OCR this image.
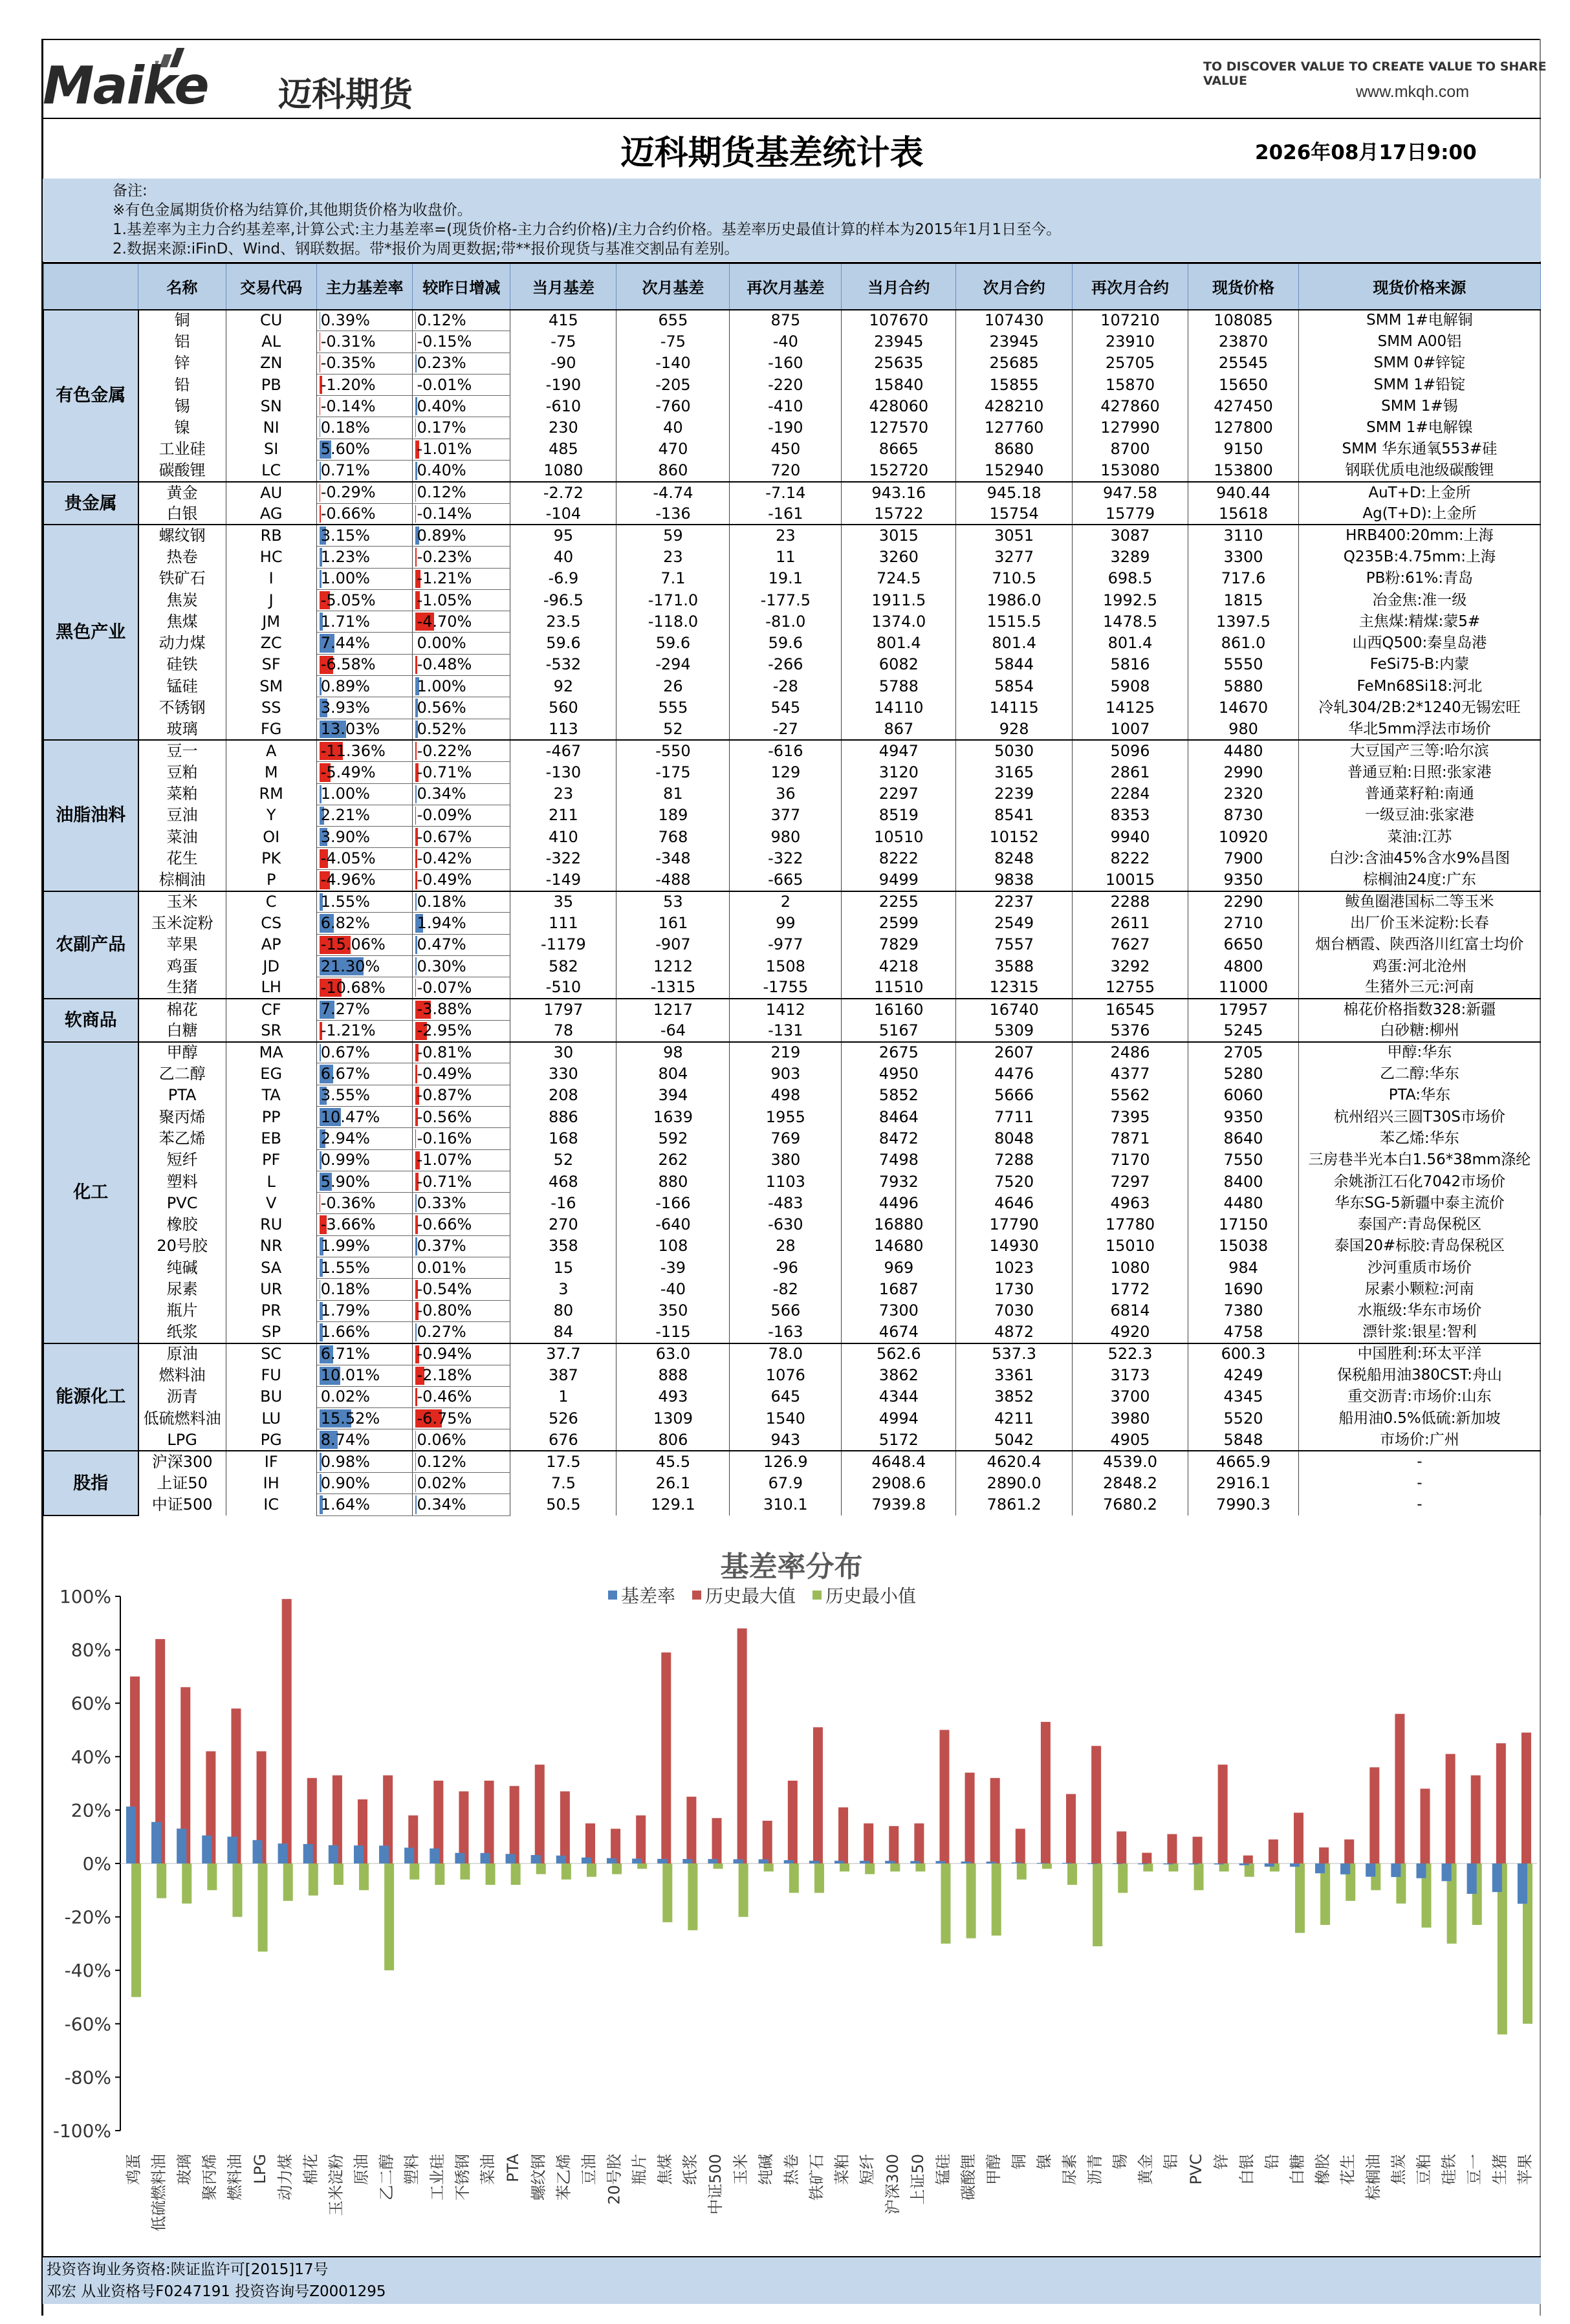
Maike 迈科期货
TO DISCOVER VALUE TO CREATE VALUE TO SHARE VALUE
www.mkqh.com
迈科期货基差统计表	2026年08月17日9:00
备注:
※有色金属期货价格为结算价,其他期货价格为收盘价。
1.基差率为主力合约基差率,计算公式:主力基差率=(现货价格-主力合约价格)/主力合约价格。基差率历史最值计算的样本为2015年1月1日至今。
2.数据来源:iFinD、Wind、钢联数据。带*报价为周更数据;带**报价现货与基准交割品有差别。
	名称	交易代码	主力基差率	较昨日增减	当月基差	次月基差	再次月基差	当月合约	次月合约	再次月合约	现货价格	现货价格来源
有色金属	铜	CU	0.39%	0.12%	415	655	875	107670	107430	107210	108085	SMM 1#电解铜
	铝	AL	-0.31%	-0.15%	-75	-75	-40	23945	23945	23910	23870	SMM A00铝
	锌	ZN	-0.35%	0.23%	-90	-140	-160	25635	25685	25705	25545	SMM 0#锌锭
	铅	PB	-1.20%	-0.01%	-190	-205	-220	15840	15855	15870	15650	SMM 1#铅锭
	锡	SN	-0.14%	0.40%	-610	-760	-410	428060	428210	427860	427450	SMM 1#锡
	镍	NI	0.18%	0.17%	230	40	-190	127570	127760	127990	127800	SMM 1#电解镍
	工业硅	SI	5.60%	-1.01%	485	470	450	8665	8680	8700	9150	SMM 华东通氧553#硅
	碳酸锂	LC	0.71%	0.40%	1080	860	720	152720	152940	153080	153800	钢联优质电池级碳酸锂
贵金属	黄金	AU	-0.29%	0.12%	-2.72	-4.74	-7.14	943.16	945.18	947.58	940.44	AuT+D:上金所
	白银	AG	-0.66%	-0.14%	-104	-136	-161	15722	15754	15779	15618	Ag(T+D):上金所
黑色产业	螺纹钢	RB	3.15%	0.89%	95	59	23	3015	3051	3087	3110	HRB400:20mm:上海
	热卷	HC	1.23%	-0.23%	40	23	11	3260	3277	3289	3300	Q235B:4.75mm:上海
	铁矿石	I	1.00%	-1.21%	-6.9	7.1	19.1	724.5	710.5	698.5	717.6	PB粉:61%:青岛
	焦炭	J	-5.05%	-1.05%	-96.5	-171.0	-177.5	1911.5	1986.0	1992.5	1815	冶金焦:准一级
	焦煤	JM	1.71%	-4.70%	23.5	-118.0	-81.0	1374.0	1515.5	1478.5	1397.5	主焦煤:精煤:蒙5#
	动力煤	ZC	7.44%	0.00%	59.6	59.6	59.6	801.4	801.4	801.4	861.0	山西Q500:秦皇岛港
	硅铁	SF	-6.58%	-0.48%	-532	-294	-266	6082	5844	5816	5550	FeSi75-B:内蒙
	锰硅	SM	0.89%	1.00%	92	26	-28	5788	5854	5908	5880	FeMn68Si18:河北
	不锈钢	SS	3.93%	0.56%	560	555	545	14110	14115	14125	14670	冷轧304/2B:2*1240无锡宏旺
	玻璃	FG	13.03%	0.52%	113	52	-27	867	928	1007	980	华北5mm浮法市场价
油脂油料	豆一	A	-11.36%	-0.22%	-467	-550	-616	4947	5030	5096	4480	大豆国产三等:哈尔滨
	豆粕	M	-5.49%	-0.71%	-130	-175	129	3120	3165	2861	2990	普通豆粕:日照:张家港
	菜粕	RM	1.00%	0.34%	23	81	36	2297	2239	2284	2320	普通菜籽粕:南通
	豆油	Y	2.21%	-0.09%	211	189	377	8519	8541	8353	8730	一级豆油:张家港
	菜油	OI	3.90%	-0.67%	410	768	980	10510	10152	9940	10920	菜油:江苏
	花生	PK	-4.05%	-0.42%	-322	-348	-322	8222	8248	8222	7900	白沙:含油45%含水9%昌图
	棕榈油	P	-4.96%	-0.49%	-149	-488	-665	9499	9838	10015	9350	棕榈油24度:广东
农副产品	玉米	C	1.55%	0.18%	35	53	2	2255	2237	2288	2290	鲅鱼圈港国标二等玉米
	玉米淀粉	CS	6.82%	1.94%	111	161	99	2599	2549	2611	2710	出厂价玉米淀粉:长春
	苹果	AP	-15.06%	0.47%	-1179	-907	-977	7829	7557	7627	6650	烟台栖霞、陕西洛川红富士均价
	鸡蛋	JD	21.30%	0.30%	582	1212	1508	4218	3588	3292	4800	鸡蛋:河北沧州
	生猪	LH	-10.68%	-0.07%	-510	-1315	-1755	11510	12315	12755	11000	生猪外三元:河南
软商品	棉花	CF	7.27%	-3.88%	1797	1217	1412	16160	16740	16545	17957	棉花价格指数328:新疆
	白糖	SR	-1.21%	-2.95%	78	-64	-131	5167	5309	5376	5245	白砂糖:柳州
化工	甲醇	MA	0.67%	-0.81%	30	98	219	2675	2607	2486	2705	甲醇:华东
	乙二醇	EG	6.67%	-0.49%	330	804	903	4950	4476	4377	5280	乙二醇:华东
	PTA	TA	3.55%	-0.87%	208	394	498	5852	5666	5562	6060	PTA:华东
	聚丙烯	PP	10.47%	-0.56%	886	1639	1955	8464	7711	7395	9350	杭州绍兴三圆T30S市场价
	苯乙烯	EB	2.94%	-0.16%	168	592	769	8472	8048	7871	8640	苯乙烯:华东
	短纤	PF	0.99%	-1.07%	52	262	380	7498	7288	7170	7550	三房巷半光本白1.56*38mm涤纶
	塑料	L	5.90%	-0.71%	468	880	1103	7932	7520	7297	8400	余姚浙江石化7042市场价
	PVC	V	-0.36%	0.33%	-16	-166	-483	4496	4646	4963	4480	华东SG-5新疆中泰主流价
	橡胶	RU	-3.66%	-0.66%	270	-640	-630	16880	17790	17780	17150	泰国产:青岛保税区
	20号胶	NR	1.99%	0.37%	358	108	28	14680	14930	15010	15038	泰国20#标胶:青岛保税区
	纯碱	SA	1.55%	0.01%	15	-39	-96	969	1023	1080	984	沙河重质市场价
	尿素	UR	0.18%	-0.54%	3	-40	-82	1687	1730	1772	1690	尿素小颗粒:河南
	瓶片	PR	1.79%	-0.80%	80	350	566	7300	7030	6814	7380	水瓶级:华东市场价
	纸浆	SP	1.66%	0.27%	84	-115	-163	4674	4872	4920	4758	漂针浆:银星:智利
能源化工	原油	SC	6.71%	-0.94%	37.7	63.0	78.0	562.6	537.3	522.3	600.3	中国胜利:环太平洋
	燃料油	FU	10.01%	-2.18%	387	888	1076	3862	3361	3173	4249	保税船用油380CST:舟山
	沥青	BU	0.02%	-0.46%	1	493	645	4344	3852	3700	4345	重交沥青:市场价:山东
	低硫燃料油	LU	15.52%	-6.75%	526	1309	1540	4994	4211	3980	5520	船用油0.5%低硫:新加坡
	LPG	PG	8.74%	0.06%	676	806	943	5172	5042	4905	5848	市场价:广州
股指	沪深300	IF	0.98%	0.12%	17.5	45.5	126.9	4648.4	4620.4	4539.0	4665.9	-
	上证50	IH	0.90%	0.02%	7.5	26.1	67.9	2908.6	2890.0	2848.2	2916.1	-
	中证500	IC	1.64%	0.34%	50.5	129.1	310.1	7939.8	7861.2	7680.2	7990.3	-
基差率分布
基差率 历史最大值 历史最小值
100%
80%
60%
40%
20%
0%
-20%
-40%
-60%
-80%
-100%
鸡蛋 低硫燃料油 玻璃 聚丙烯 燃料油 LPG 动力煤 棉花 玉米淀粉 原油 乙二醇 塑料 工业硅 不锈钢 菜油 PTA 螺纹钢 苯乙烯 豆油 20号胶 瓶片 焦煤 纸浆 中证500 玉米 纯碱 热卷 铁矿石 菜粕 短纤 沪深300 上证50 锰硅 碳酸锂 甲醇 铜 镍 尿素 沥青 锡 黄金 铝 PVC 锌 白银 铅 白糖 橡胶 花生 棕榈油 焦炭 豆粕 硅铁 豆一 生猪 苹果
投资咨询业务资格:陕证监许可[2015]17号
邓宏 从业资格号F0247191 投资咨询号Z0001295
